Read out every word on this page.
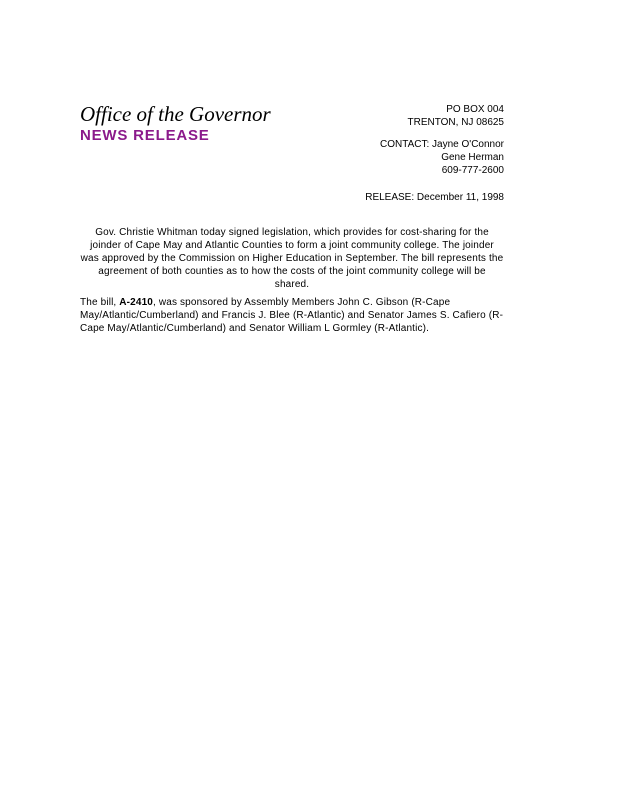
Office of the Governor
NEWS RELEASE
PO BOX 004
TRENTON, NJ 08625
CONTACT: Jayne O'Connor
Gene Herman
609-777-2600
RELEASE: December 11, 1998

Gov. Christie Whitman today signed legislation, which provides for cost-sharing for the joinder of Cape May and Atlantic Counties to form a joint community college. The joinder was approved by the Commission on Higher Education in September. The bill represents the agreement of both counties as to how the costs of the joint community college will be shared.

The bill, A-2410, was sponsored by Assembly Members John C. Gibson (R-Cape May/Atlantic/Cumberland) and Francis J. Blee (R-Atlantic) and Senator James S. Cafiero (R-Cape May/Atlantic/Cumberland) and Senator William L Gormley (R-Atlantic).
